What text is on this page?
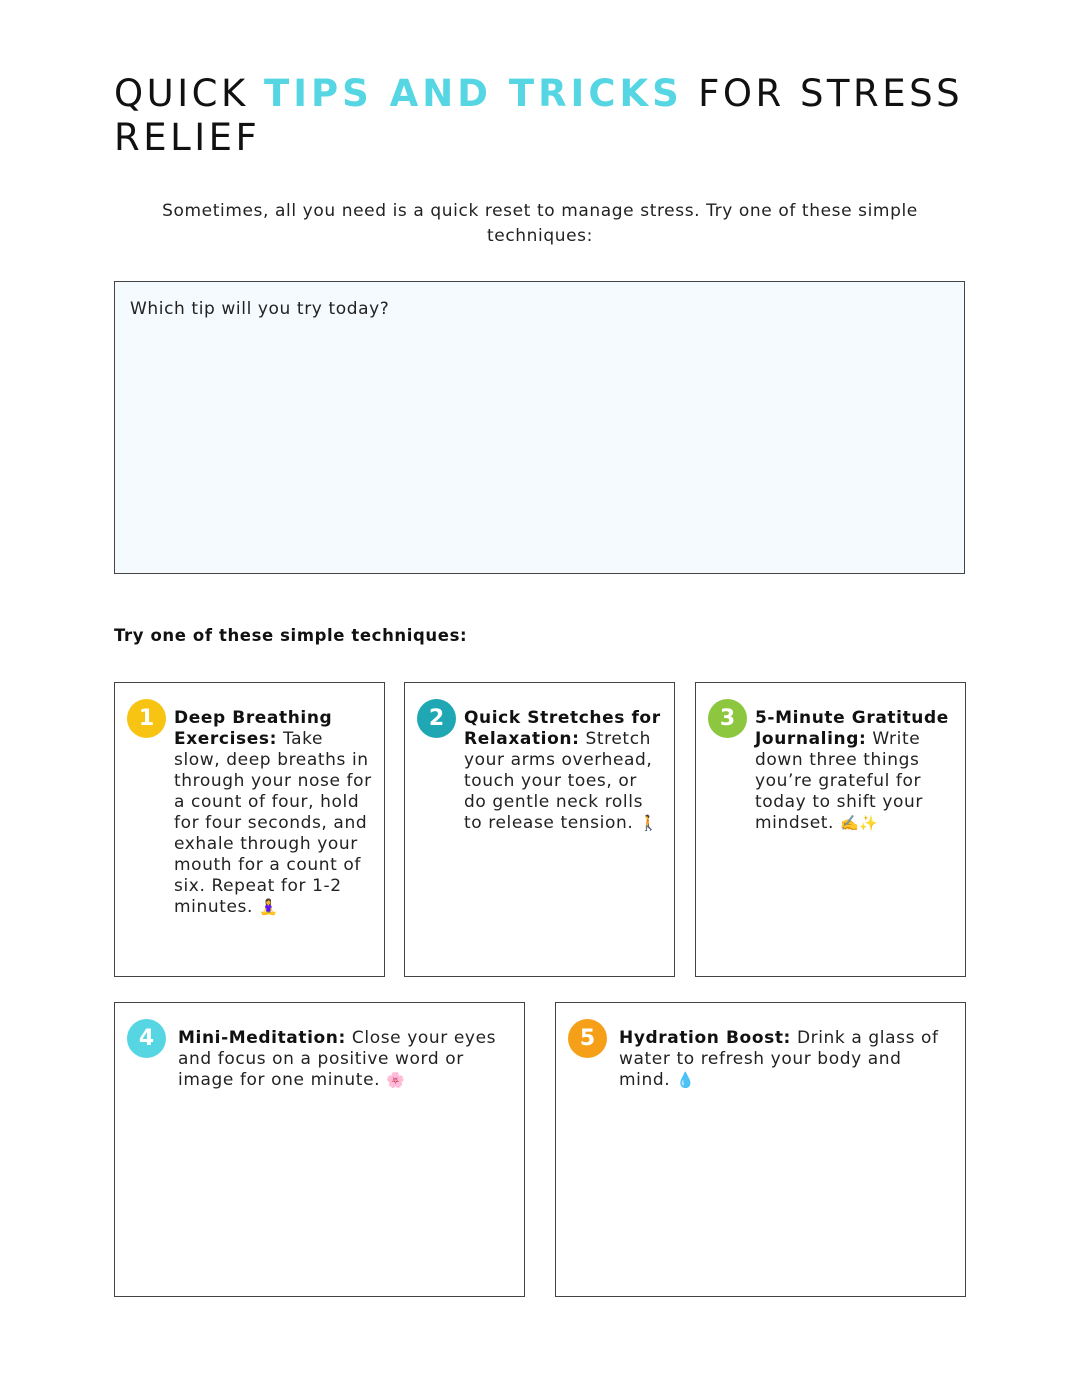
QUICK TIPS AND TRICKS FOR STRESS RELIEF

Sometimes, all you need is a quick reset to manage stress. Try one of these simple techniques:

Which tip will you try today?
Try one of these simple techniques:
1	Deep Breathing Exercises: Take slow, deep breaths in through your nose for a count of four, hold for four seconds, and exhale through your mouth for a count of six. Repeat for 1-2 minutes. 🧘‍♀️

2	Quick Stretches for Relaxation: Stretch your arms overhead, touch your toes, or do gentle neck rolls to release tension. 🚶

3	5-Minute Gratitude Journaling: Write down three things you’re grateful for today to shift your mindset. ✍️✨

4	Mini-Meditation: Close your eyes and focus on a positive word or image for one minute. 🌸

5	Hydration Boost: Drink a glass of water to refresh your body and mind. 💧
